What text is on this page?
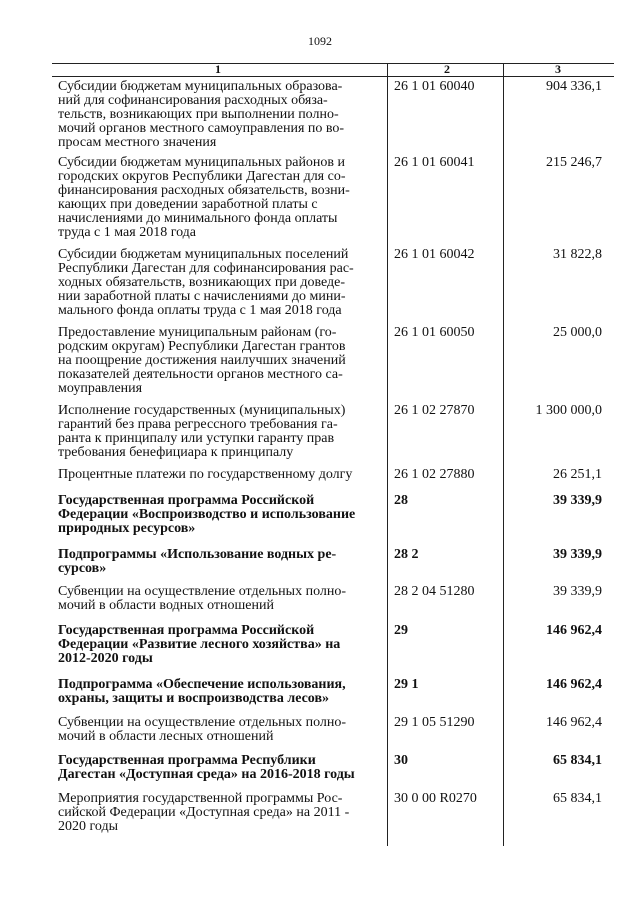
1092
1	2	3
Субсидии бюджетам муниципальных образова-
ний для софинансирования расходных обяза-
тельств, возникающих при выполнении полно-
мочий органов местного самоуправления по во-
просам местного значения
26 1 01 60040	904 336,1
Субсидии бюджетам муниципальных районов и
городских округов Республики Дагестан для со-
финансирования расходных обязательств, возни-
кающих при доведении заработной платы с
начислениями до минимального фонда оплаты
труда с 1 мая 2018 года
26 1 01 60041	215 246,7
Субсидии бюджетам муниципальных поселений
Республики Дагестан для софинансирования рас-
ходных обязательств, возникающих при доведе-
нии заработной платы с начислениями до мини-
мального фонда оплаты труда с 1 мая 2018 года
26 1 01 60042	31 822,8
Предоставление муниципальным районам (го-
родским округам) Республики Дагестан грантов
на поощрение достижения наилучших значений
показателей деятельности органов местного са-
моуправления
26 1 01 60050	25 000,0
Исполнение государственных (муниципальных)
гарантий без права регрессного требования га-
ранта к принципалу или уступки гаранту прав
требования бенефициара к принципалу
26 1 02 27870	1 300 000,0
Процентные платежи по государственному долгу	26 1 02 27880	26 251,1
Государственная программа Российской
Федерации «Воспроизводство и использование
природных ресурсов»
28	39 339,9
Подпрограммы «Использование водных ре-
сурсов»
28 2	39 339,9
Субвенции на осуществление отдельных полно-
мочий в области водных отношений
28 2 04 51280	39 339,9
Государственная программа Российской
Федерации «Развитие лесного хозяйства» на
2012-2020 годы
29	146 962,4
Подпрограмма «Обеспечение использования,
охраны, защиты и воспроизводства лесов»
29 1	146 962,4
Субвенции на осуществление отдельных полно-
мочий в области лесных отношений
29 1 05 51290	146 962,4
Государственная программа Республики
Дагестан «Доступная среда» на 2016-2018 годы
30	65 834,1
Мероприятия государственной программы Рос-
сийской Федерации «Доступная среда» на 2011 -
2020 годы
30 0 00 R0270	65 834,1
